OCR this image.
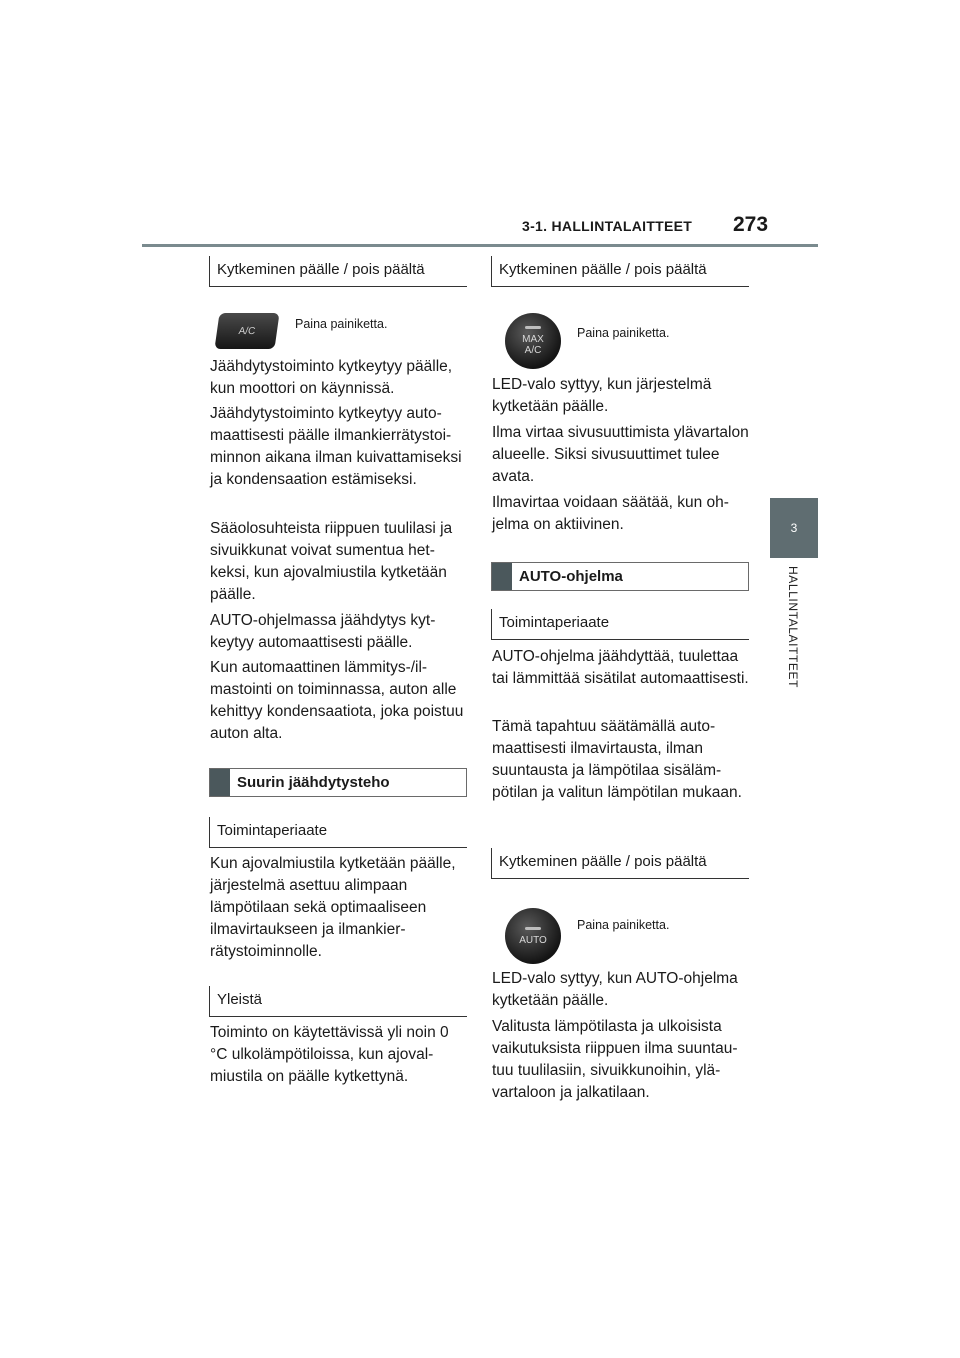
3-1. HALLINTALAITTEET 273
3
HALLINTALAITTEET
Kytkeminen päälle / pois päältä
A/C	Paina painiketta.

Jäähdytystoiminto kytkeytyy päälle, kun moottori on käynnissä.

Jäähdytystoiminto kytkeytyy automaattisesti päälle ilmankierrätystoiminnon aikana ilman kuivattamiseksi ja kondensaation estämiseksi.

Sääolosuhteista riippuen tuulilasi ja sivuikkunat voivat sumentua hetkeksi, kun ajovalmiustila kytketään päälle.

AUTO-ohjelmassa jäähdytys kytkeytyy automaattisesti päälle.

Kun automaattinen lämmitys-/ilmastointi on toiminnassa, auton alle kehittyy kondensaatiota, joka poistuu auton alta.

Suurin jäähdytysteho
Toimintaperiaate

Kun ajovalmiustila kytketään päälle, järjestelmä asettuu alimpaan lämpötilaan sekä optimaaliseen ilmavirtaukseen ja ilmankierrätystoiminnolle.

Yleistä

Toiminto on käytettävissä yli noin 0 °C ulkolämpötiloissa, kun ajovalmiustila on päälle kytkettynä.

Kytkeminen päälle / pois päältä
MAX
A/C
Paina painiketta.

LED-valo syttyy, kun järjestelmä kytketään päälle.

Ilma virtaa sivusuuttimista ylävartalon alueelle. Siksi sivusuuttimet tulee avata.

Ilmavirtaa voidaan säätää, kun ohjelma on aktiivinen.

AUTO-ohjelma
Toimintaperiaate

AUTO-ohjelma jäähdyttää, tuulettaa tai lämmittää sisätilat automaattisesti.

Tämä tapahtuu säätämällä automaattisesti ilmavirtausta, ilman suuntausta ja lämpötilaa sisälämpötilan ja valitun lämpötilan mukaan.

Kytkeminen päälle / pois päältä
AUTO
Paina painiketta.

LED-valo syttyy, kun AUTO-ohjelma kytketään päälle.

Valitusta lämpötilasta ja ulkoisista vaikutuksista riippuen ilma suuntautuu tuulilasiin, sivuikkunoihin, ylävartaloon ja jalkatilaan.
